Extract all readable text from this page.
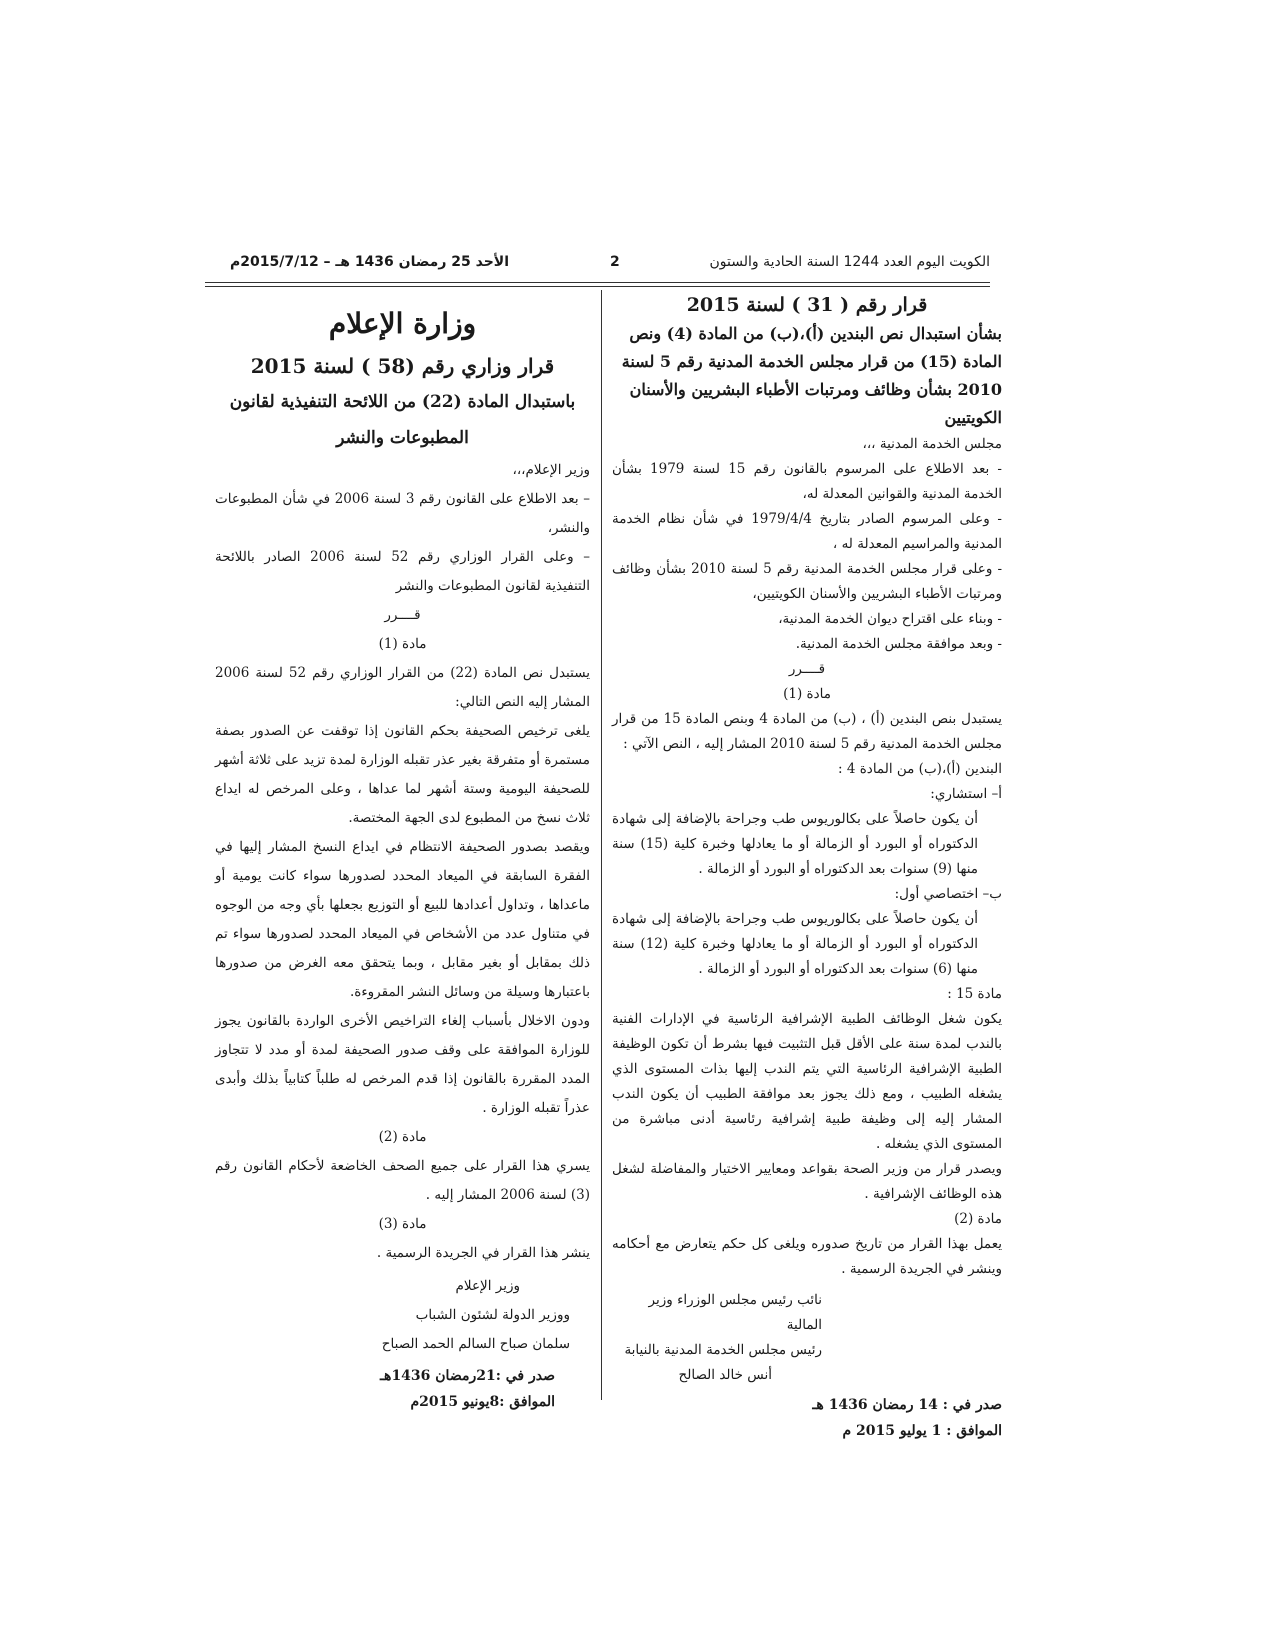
الكويت اليوم العدد 1244 السنة الحادية والستون
2
الأحد 25 رمضان 1436 هـ – 2015/7/12م
وزارة الإعلام
قرار وزاري رقم (58 ) لسنة 2015
باستبدال المادة (22) من اللائحة التنفيذية لقانون
المطبوعات والنشر
وزير الإعلام،،،
– بعد الاطلاع على القانون رقم 3 لسنة 2006 في شأن المطبوعات والنشر،
– وعلى القرار الوزاري رقم 52 لسنة 2006 الصادر باللائحة التنفيذية لقانون المطبوعات والنشر
قــــرر
مادة (1)
يستبدل نص المادة (22) من القرار الوزاري رقم 52 لسنة 2006 المشار إليه النص التالي:
يلغى ترخيص الصحيفة بحكم القانون إذا توقفت عن الصدور بصفة مستمرة أو متفرقة بغير عذر تقبله الوزارة لمدة تزيد على ثلاثة أشهر للصحيفة اليومية وستة أشهر لما عداها ، وعلى المرخص له ايداع ثلاث نسخ من المطبوع لدى الجهة المختصة.
ويقصد بصدور الصحيفة الانتظام في ايداع النسخ المشار إليها في الفقرة السابقة في الميعاد المحدد لصدورها سواء كانت يومية أو ماعداها ، وتداول أعدادها للبيع أو التوزيع بجعلها بأي وجه من الوجوه في متناول عدد من الأشخاص في الميعاد المحدد لصدورها سواء تم ذلك بمقابل أو بغير مقابل ، وبما يتحقق معه الغرض من صدورها باعتبارها وسيلة من وسائل النشر المقروءة.
ودون الاخلال بأسباب إلغاء التراخيص الأخرى الواردة بالقانون يجوز للوزارة الموافقة على وقف صدور الصحيفة لمدة أو مدد لا تتجاوز المدد المقررة بالقانون إذا قدم المرخص له طلباً كتابياً بذلك وأبدى عذراً تقبله الوزارة .
مادة (2)
يسري هذا القرار على جميع الصحف الخاضعة لأحكام القانون رقم (3) لسنة 2006 المشار إليه .
مادة (3)
ينشر هذا القرار في الجريدة الرسمية .
وزير الإعلام
ووزير الدولة لشئون الشباب
سلمان صباح السالم الحمد الصباح
صدر في :21رمضان 1436هـ
الموافق :8يونيو 2015م
قرار رقم ( 31 ) لسنة 2015
بشأن استبدال نص البندين (أ)،(ب) من المادة (4) ونص المادة (15) من قرار مجلس الخدمة المدنية رقم 5 لسنة 2010 بشأن وظائف ومرتبات الأطباء البشريين والأسنان الكويتيين
مجلس الخدمة المدنية ،،،
- بعد الاطلاع على المرسوم بالقانون رقم 15 لسنة 1979 بشأن الخدمة المدنية والقوانين المعدلة له،
- وعلى المرسوم الصادر بتاريخ 1979/4/4 في شأن نظام الخدمة المدنية والمراسيم المعدلة له ،
- وعلى قرار مجلس الخدمة المدنية رقم 5 لسنة 2010 بشأن وظائف ومرتبات الأطباء البشريين والأسنان الكويتيين،
- وبناء على اقتراح ديوان الخدمة المدنية،
- وبعد موافقة مجلس الخدمة المدنية.
قــــرر
مادة (1)
يستبدل بنص البندين (أ) ، (ب) من المادة 4 وبنص المادة 15 من قرار مجلس الخدمة المدنية رقم 5 لسنة 2010 المشار إليه ، النص الآتي :
البندين (أ)،(ب) من المادة 4 :
أ– استشاري:
أن يكون حاصلاً على بكالوريوس طب وجراحة بالإضافة إلى شهادة الدكتوراه أو البورد أو الزمالة أو ما يعادلها وخبرة كلية (15) سنة منها (9) سنوات بعد الدكتوراه أو البورد أو الزمالة .
ب– اختصاصي أول:
أن يكون حاصلاً على بكالوريوس طب وجراحة بالإضافة إلى شهادة الدكتوراه أو البورد أو الزمالة أو ما يعادلها وخبرة كلية (12) سنة منها (6) سنوات بعد الدكتوراه أو البورد أو الزمالة .
مادة 15 :
يكون شغل الوظائف الطبية الإشرافية الرئاسية في الإدارات الفنية بالندب لمدة سنة على الأقل قبل التثبيت فيها بشرط أن تكون الوظيفة الطبية الإشرافية الرئاسية التي يتم الندب إليها بذات المستوى الذي يشغله الطبيب ، ومع ذلك يجوز بعد موافقة الطبيب أن يكون الندب المشار إليه إلى وظيفة طبية إشرافية رئاسية أدنى مباشرة من المستوى الذي يشغله .
ويصدر قرار من وزير الصحة بقواعد ومعايير الاختيار والمفاضلة لشغل هذه الوظائف الإشرافية .
مادة (2)
يعمل بهذا القرار من تاريخ صدوره ويلغى كل حكم يتعارض مع أحكامه وينشر في الجريدة الرسمية .
نائب رئيس مجلس الوزراء وزير المالية
رئيس مجلس الخدمة المدنية بالنيابة
أنس خالد الصالح
صدر في : 14 رمضان 1436 هـ
الموافق : 1 يوليو 2015 م
